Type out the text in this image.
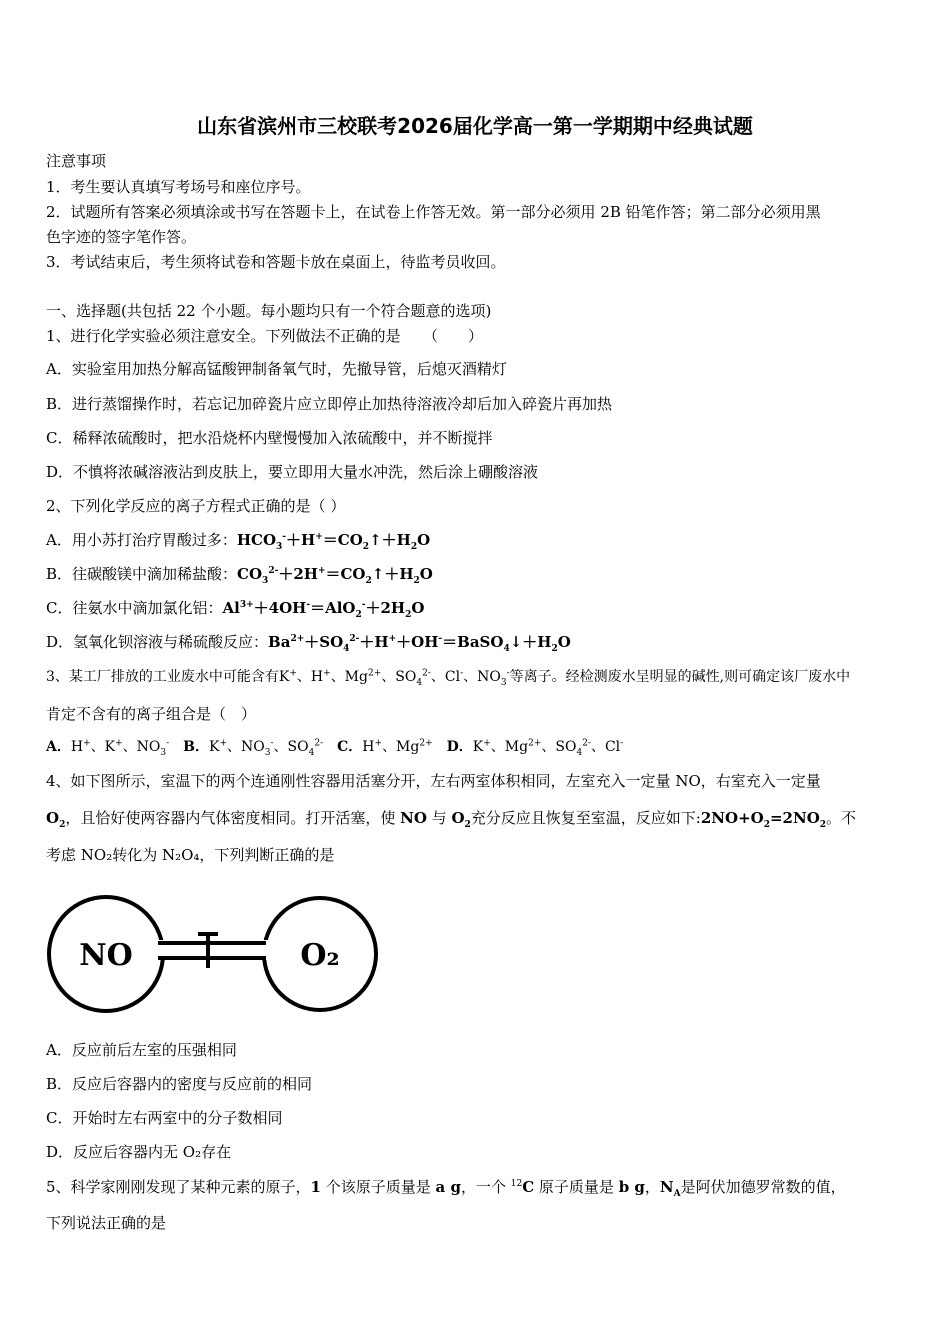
山东省滨州市三校联考2026届化学高一第一学期期中经典试题
注意事项
1．考生要认真填写考场号和座位序号。
2．试题所有答案必须填涂或书写在答题卡上，在试卷上作答无效。第一部分必须用 2B 铅笔作答；第二部分必须用黑
色字迹的签字笔作答。
3．考试结束后，考生须将试卷和答题卡放在桌面上，待监考员收回。
一、选择题(共包括 22 个小题。每小题均只有一个符合题意的选项)
1、进行化学实验必须注意安全。下列做法不正确的是　　（　　）
A．实验室用加热分解高锰酸钾制备氧气时，先撤导管，后熄灭酒精灯
B．进行蒸馏操作时，若忘记加碎瓷片应立即停止加热待溶液冷却后加入碎瓷片再加热
C．稀释浓硫酸时，把水沿烧杯内壁慢慢加入浓硫酸中，并不断搅拌
D．不慎将浓碱溶液沾到皮肤上，要立即用大量水冲洗，然后涂上硼酸溶液
2、下列化学反应的离子方程式正确的是（ ）
A．用小苏打治疗胃酸过多：$HCO_3^-+H^+=CO_2↑+H_2O$
B．往碳酸镁中滴加稀盐酸：$CO_3^{2-}+2H^+=CO_2↑+H_2O$
C．往氨水中滴加氯化铝：$Al^{3+}+4OH^-=AlO_2^-+2H_2O$
D．氢氧化钡溶液与稀硫酸反应：$Ba^{2+}+SO_4^{2-}+H^++OH^-=BaSO_4↓+H_2O$
3、某工厂排放的工业废水中可能含有K+、H+、$Mg^{2+}$、$SO_4^{2-}$、Cl-、$NO_3^-$等离子。经检测废水呈明显的碱性,则可确定该厂废水中
肯定不含有的离子组合是（　）
A．H+、K+、$NO_3^-$　 B．K+、$NO_3^-$、$SO_4^{2-}$　 C．H+、$Mg^{2+}$　 D．K+、$Mg^{2+}$、$SO_4^{2-}$、Cl-
4、如下图所示，室温下的两个连通刚性容器用活塞分开，左右两室体积相同，左室充入一定量 NO，右室充入一定量
$O_2$，且恰好使两容器内气体密度相同。打开活塞，使 NO 与 $O_2$充分反应且恢复至室温，反应如下$:2NO+O_2=2NO_2$。不
考虑 NO₂转化为 N₂O₄，下列判断正确的是
NO	O₂
A．反应前后左室的压强相同
B．反应后容器内的密度与反应前的相同
C．开始时左右两室中的分子数相同
D．反应后容器内无 O₂存在
5、科学家刚刚发现了某种元素的原子，1 个该原子质量是 a g，一个 $^{12}$C 原子质量是 b g，$N_A$是阿伏加德罗常数的值，
下列说法正确的是
